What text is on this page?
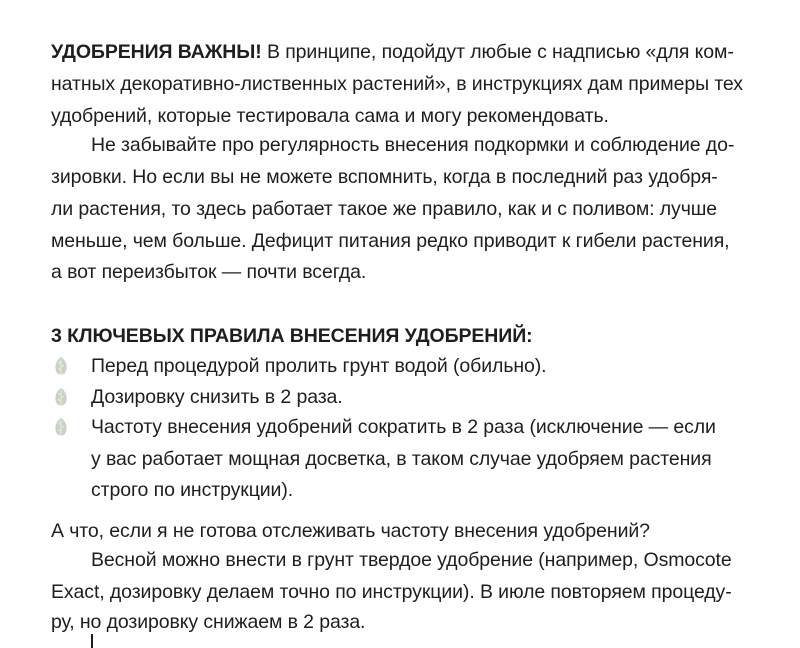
УДОБРЕНИЯ ВАЖНЫ! В принципе, подойдут любые с надписью «для ком-
натных декоративно-лиственных растений», в инструкциях дам примеры тех
удобрений, которые тестировала сама и могу рекомендовать.
Не забывайте про регулярность внесения подкормки и соблюдение до-
зировки. Но если вы не можете вспомнить, когда в последний раз удобря-
ли растения, то здесь работает такое же правило, как и с поливом: лучше
меньше, чем больше. Дефицит питания редко приводит к гибели растения,
а вот переизбыток — почти всегда.
3 КЛЮЧЕВЫХ ПРАВИЛА ВНЕСЕНИЯ УДОБРЕНИЙ:
Перед процедурой пролить грунт водой (обильно).
Дозировку снизить в 2 раза.
Частоту внесения удобрений сократить в 2 раза (исключение — если
у вас работает мощная досветка, в таком случае удобряем растения
строго по инструкции).
А что, если я не готова отслеживать частоту внесения удобрений?
Весной можно внести в грунт твердое удобрение (например, Osmocote
Exact, дозировку делаем точно по инструкции). В июле повторяем процеду-
ру, но дозировку снижаем в 2 раза.
